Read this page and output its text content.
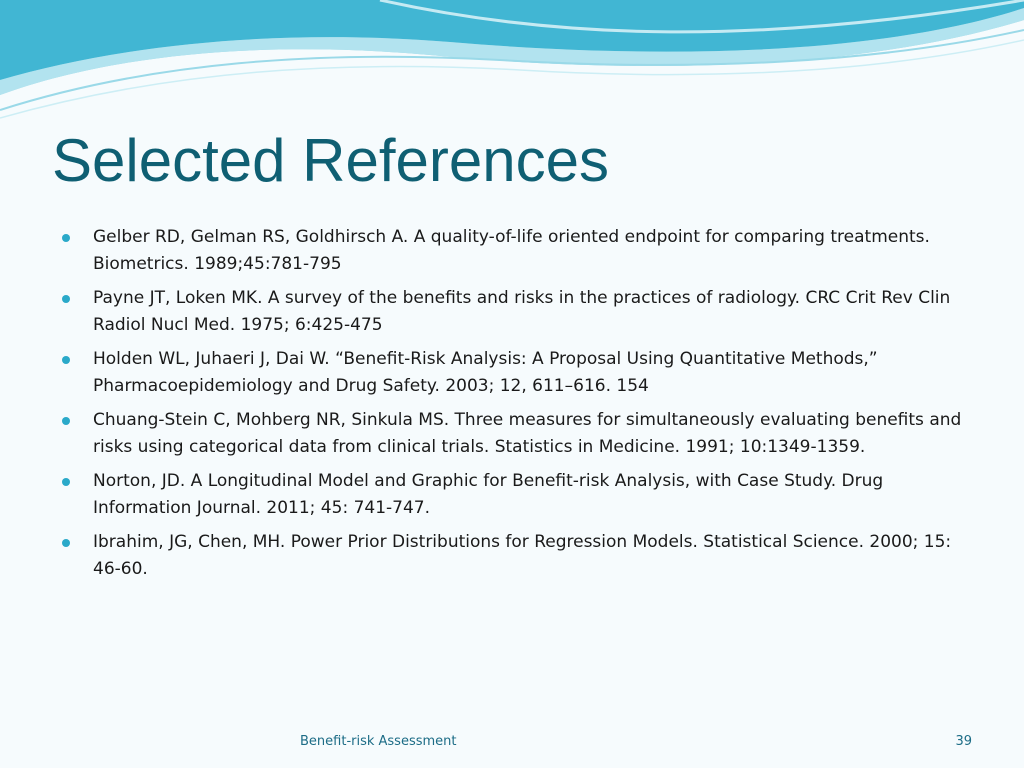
Selected References
Gelber RD, Gelman RS, Goldhirsch A. A quality-of-life oriented endpoint for comparing treatments. Biometrics. 1989;45:781-795
Payne JT, Loken MK. A survey of the benefits and risks in the practices of radiology. CRC Crit Rev Clin Radiol Nucl Med. 1975; 6:425-475
Holden WL, Juhaeri J, Dai W. “Benefit-Risk Analysis: A Proposal Using Quantitative Methods,” Pharmacoepidemiology and Drug Safety. 2003; 12, 611–616. 154
Chuang-Stein C, Mohberg NR, Sinkula MS. Three measures for simultaneously evaluating benefits and risks using categorical data from clinical trials. Statistics in Medicine. 1991; 10:1349-1359.
Norton, JD. A Longitudinal Model and Graphic for Benefit-risk Analysis, with Case Study. Drug Information Journal. 2011; 45: 741-747.
Ibrahim, JG, Chen, MH. Power Prior Distributions for Regression Models. Statistical Science. 2000; 15: 46-60.
Benefit-risk Assessment	39
